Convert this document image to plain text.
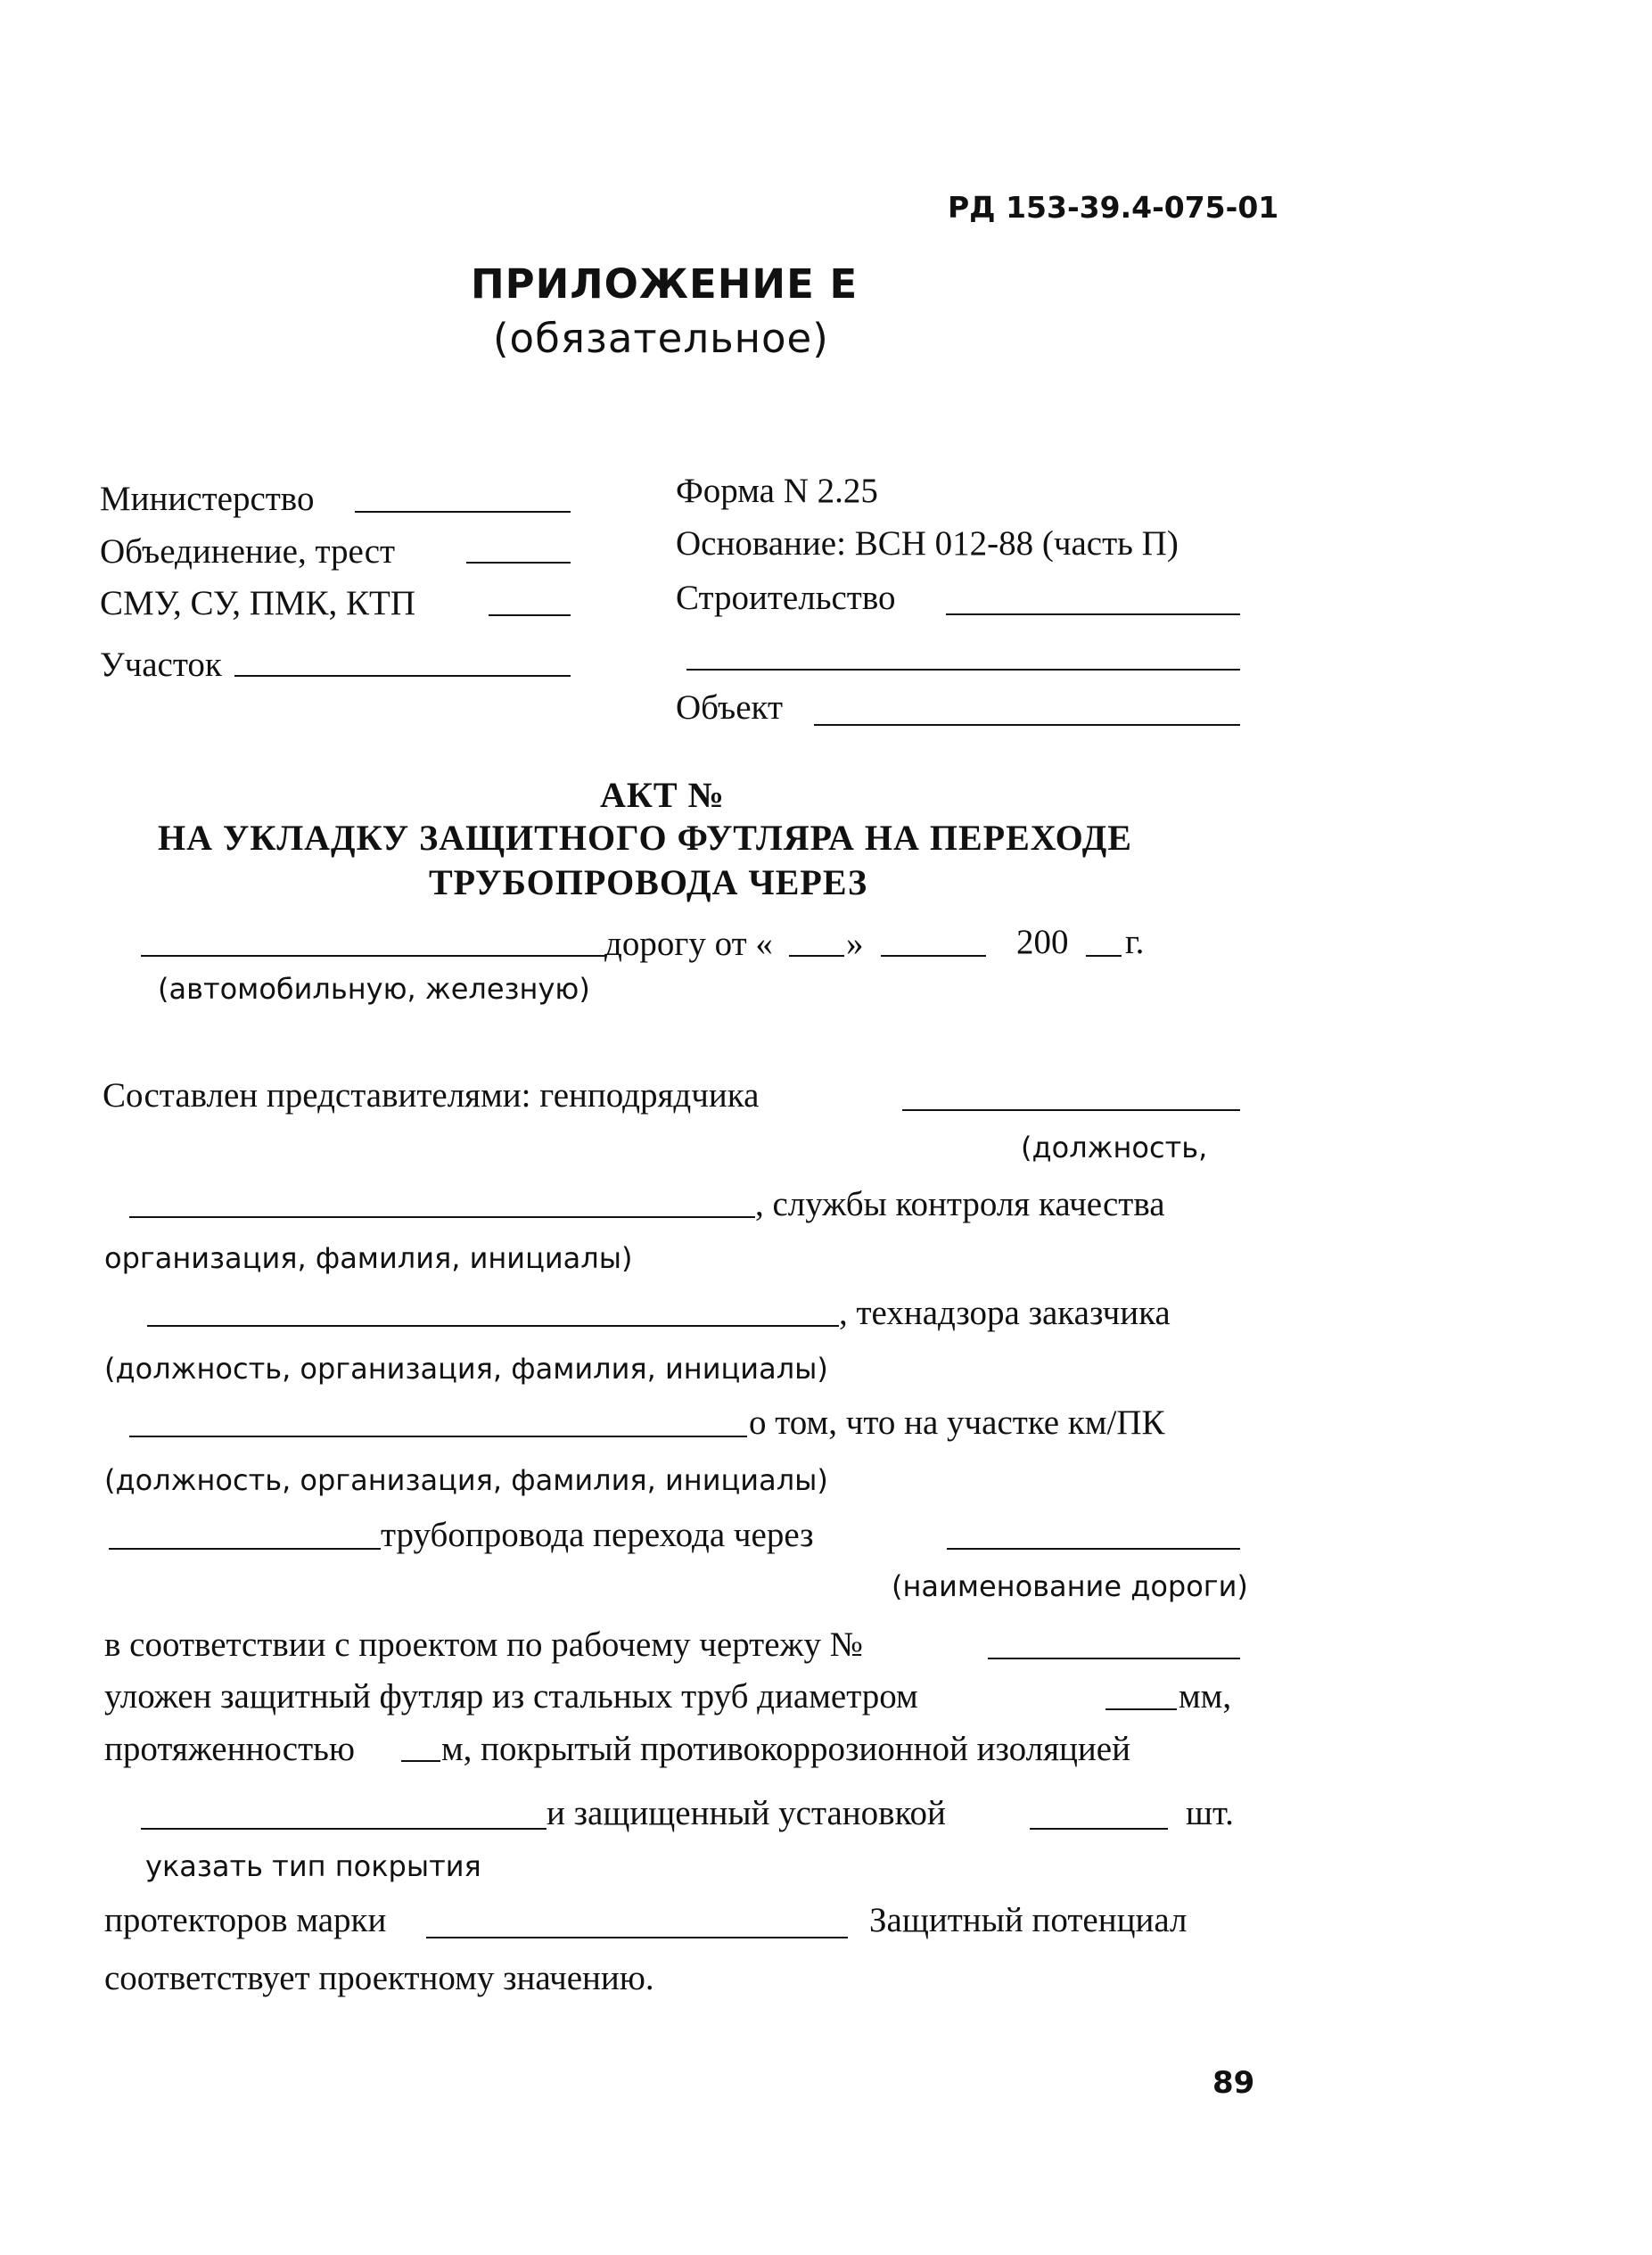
РД 153-39.4-075-01
ПРИЛОЖЕНИЕ Е
(обязательное)
Министерство
Объединение, трест
СМУ, СУ, ПМК, КТП
Участок
Форма N 2.25
Основание: ВСН 012-88 (часть П)
Строительство
Объект
АКТ №
НА УКЛАДКУ ЗАЩИТНОГО ФУТЛЯРА НА ПЕРЕХОДЕ
ТРУБОПРОВОДА ЧЕРЕЗ
дорогу от « »	200 г.
(автомобильную, железную)
Составлен представителями: генподрядчика
(должность,
, службы контроля качества
организация, фамилия, инициалы)
, технадзора заказчика
(должность, организация, фамилия, инициалы)
о том, что на участке км/ПК
(должность, организация, фамилия, инициалы)
трубопровода перехода через
(наименование дороги)
в соответствии с проектом по рабочему чертежу №
уложен защитный футляр из стальных труб диаметром	мм,
протяженностью м, покрытый противокоррозионной изоляцией
и защищенный установкой	шт.
указать тип покрытия
протекторов марки	Защитный потенциал
соответствует проектному значению.
89
